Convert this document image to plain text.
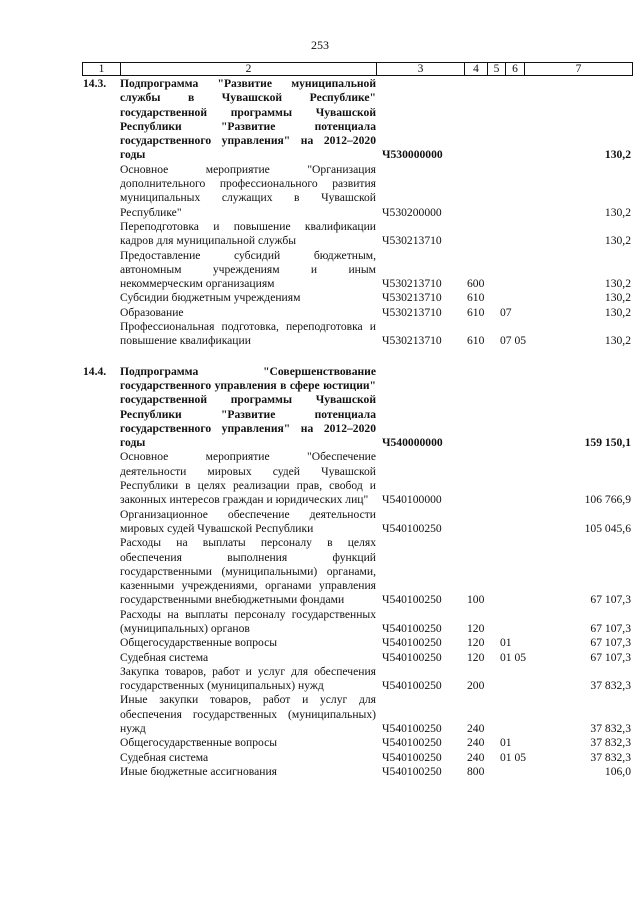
253
1	2	3	4	5	6	7
14.3.	Подпрограмма "Развитие муниципальной службы в Чувашской Республике" государственной программы Чувашской Республики "Развитие потенциала государственного управления" на 2012–2020 годы	Ч530000000			130,2
	Основное мероприятие "Организация дополнительного профессионального развития муниципальных служащих в Чувашской Республике"	Ч530200000			130,2
	Переподготовка и повышение квалификации кадров для муниципальной службы	Ч530213710			130,2
	Предоставление субсидий бюджетным, автономным учреждениям и иным некоммерческим организациям	Ч530213710	600		130,2
	Субсидии бюджетным учреждениям	Ч530213710	610		130,2
	Образование	Ч530213710	610	07	130,2
	Профессиональная подготовка, переподготовка и повышение квалификации	Ч530213710	610	07 05	130,2

14.4.	Подпрограмма "Совершенствование государственного управления в сфере юстиции" государственной программы Чувашской Республики "Развитие потенциала государственного управления" на 2012–2020 годы	Ч540000000			159 150,1
	Основное мероприятие "Обеспечение деятельности мировых судей Чувашской Республики в целях реализации прав, свобод и законных интересов граждан и юридических лиц"	Ч540100000			106 766,9
	Организационное обеспечение деятельности мировых судей Чувашской Республики	Ч540100250			105 045,6
	Расходы на выплаты персоналу в целях обеспечения выполнения функций государственными (муниципальными) органами, казенными учреждениями, органами управления государственными внебюджетными фондами	Ч540100250	100		67 107,3
	Расходы на выплаты персоналу государственных (муниципальных) органов	Ч540100250	120		67 107,3
	Общегосударственные вопросы	Ч540100250	120	01	67 107,3
	Судебная система	Ч540100250	120	01 05	67 107,3
	Закупка товаров, работ и услуг для обеспечения государственных (муниципальных) нужд	Ч540100250	200		37 832,3
	Иные закупки товаров, работ и услуг для обеспечения государственных (муниципальных) нужд	Ч540100250	240		37 832,3
	Общегосударственные вопросы	Ч540100250	240	01	37 832,3
	Судебная система	Ч540100250	240	01 05	37 832,3
	Иные бюджетные ассигнования	Ч540100250	800		106,0
